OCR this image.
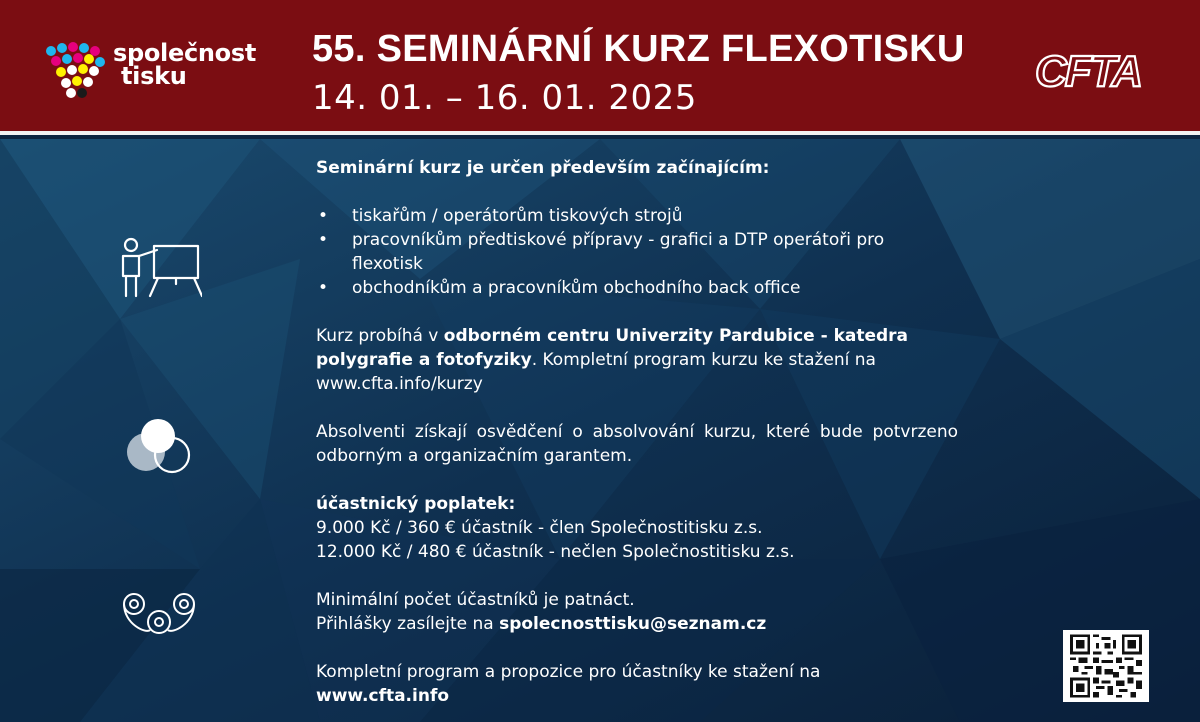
společnost
tisku
55. SEMINÁRNÍ KURZ FLEXOTISKU
14. 01. – 16. 01. 2025
CFTA
Seminární kurz je určen především začínajícím:
• tiskařům / operátorům tiskových strojů
• pracovníkům předtiskové přípravy - grafici a DTP operátoři pro flexotisk
• obchodníkům a pracovníkům obchodního back office
Kurz probíhá v odborném centru Univerzity Pardubice - katedra polygrafie a fotofyziky. Kompletní program kurzu ke stažení na www.cfta.info/kurzy
Absolventi získají osvědčení o absolvování kurzu, které bude potvrzeno odborným a organizačním garantem.
účastnický poplatek:
9.000 Kč / 360 € účastník - člen Společnostitisku z.s.
12.000 Kč / 480 € účastník - nečlen Společnostitisku z.s.
Minimální počet účastníků je patnáct.
Přihlášky zasílejte na spolecnosttisku@seznam.cz
Kompletní program a propozice pro účastníky ke stažení na
www.cfta.info
